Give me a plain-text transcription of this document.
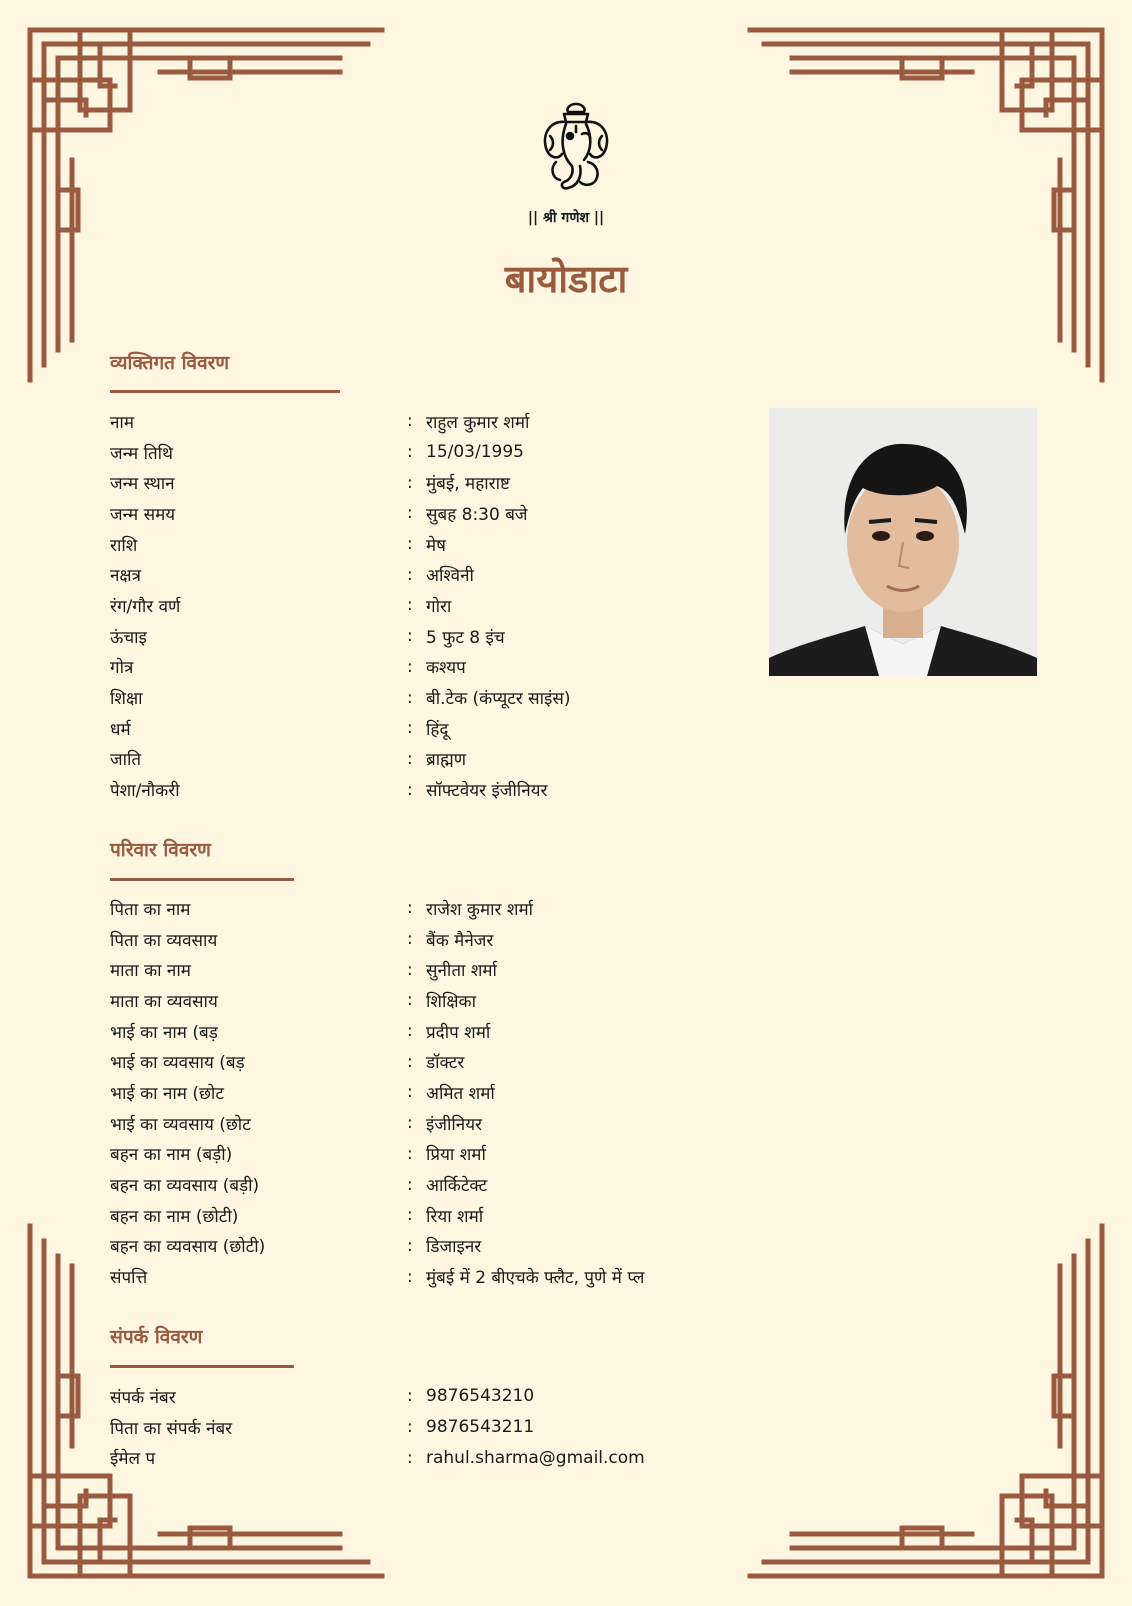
|| श्री गणेश ||
बायोडाटा
व्यक्तिगत विवरण
नाम	: राहुल कुमार शर्मा
जन्म तिथि	: 15/03/1995
जन्म स्थान	: मुंबई, महाराष्ट
जन्म समय	: सुबह 8:30 बजे
राशि	: मेष
नक्षत्र	: अश्विनी
रंग/गौर वर्ण	: गोरा
ऊंचाइ	: 5 फुट 8 इंच
गोत्र	: कश्यप
शिक्षा	: बी.टेक (कंप्यूटर साइंस)
धर्म	: हिंदू
जाति	: ब्राह्मण
पेशा/नौकरी	: सॉफ्टवेयर इंजीनियर
परिवार विवरण
पिता का नाम	: राजेश कुमार शर्मा
पिता का व्यवसाय	: बैंक मैनेजर
माता का नाम	: सुनीता शर्मा
माता का व्यवसाय	: शिक्षिका
भाई का नाम (बड़	: प्रदीप शर्मा
भाई का व्यवसाय (बड़	: डॉक्टर
भाई का नाम (छोट	: अमित शर्मा
भाई का व्यवसाय (छोट	: इंजीनियर
बहन का नाम (बड़ी)	: प्रिया शर्मा
बहन का व्यवसाय (बड़ी)	: आर्किटेक्ट
बहन का नाम (छोटी)	: रिया शर्मा
बहन का व्यवसाय (छोटी)	: डिजाइनर
संपत्ति	: मुंबई में 2 बीएचके फ्लैट, पुणे में प्ल
संपर्क विवरण
संपर्क नंबर	: 9876543210
पिता का संपर्क नंबर	: 9876543211
ईमेल प	: rahul.sharma@gmail.com
